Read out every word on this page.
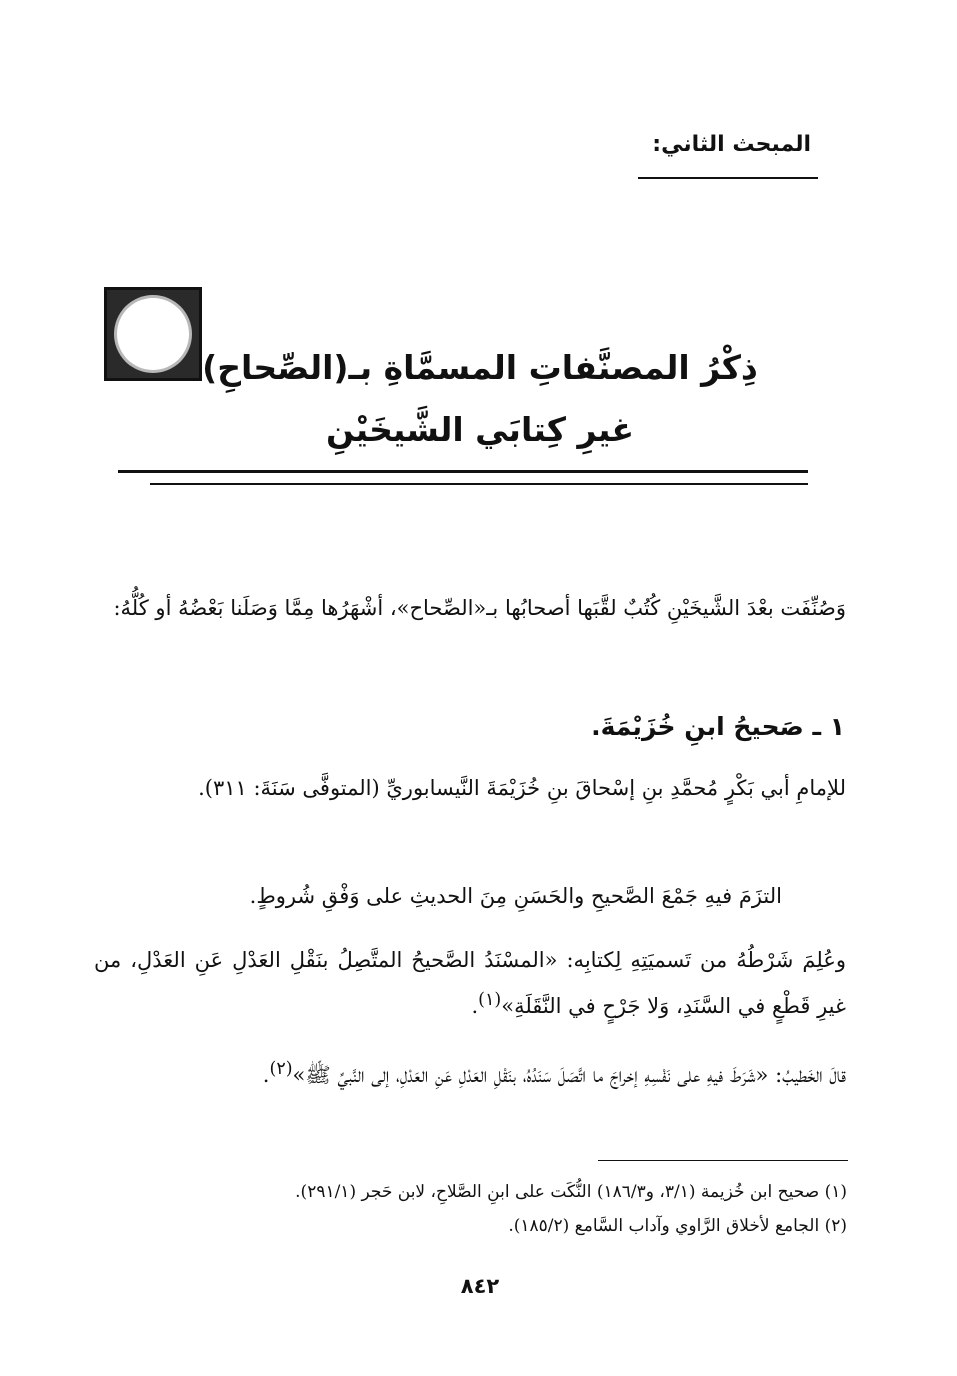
المبحث الثاني:
ذِكْرُ المصنَّفاتِ المسمَّاةِ بـ(الصِّحاحِ)
غيرِ كِتابَي الشَّيخَيْنِ
وَصُنِّفَت بعْدَ الشَّيخَيْنِ كُتُبٌ لقَّبَها أصحابُها بـ«الصِّحاح»، أشْهَرُها مِمَّا وَصَلَنا بَعْضُهُ أو كُلُّهُ:
١ ـ صَحيحُ ابنِ خُزَيْمَةَ.
للإمامِ أبي بَكْرٍ مُحمَّدِ بنِ إسْحاقَ بنِ خُزَيْمَةَ النَّيسابوريِّ (المتوفَّى سَنَةَ: ٣١١).
التزَمَ فيهِ جَمْعَ الصَّحيحِ والحَسَنِ مِنَ الحديثِ على وَفْقِ شُروطٍ.
وعُلِمَ شَرْطُهُ من تَسميَتِهِ لِكتابِه: «المسْنَدُ الصَّحيحُ المتَّصِلُ بنَقْلِ العَدْلِ عَنِ العَدْلِ، من غيرِ قَطْعٍ في السَّنَدِ، وَلا جَرْحٍ في النَّقَلَةِ»$^{(١)}$.
قالَ الخَطيبُ: «شَرَطَ فيهِ على نَفْسِهِ إخراجَ ما اتَّصَلَ سَنَدُهُ، بنَقْلِ العَدْلِ عَنِ العَدْلِ، إلى النَّبيِّ ﷺ»$^{(٢)}$.
(١) صحيح ابن خُزيمة (٣/١، و١٨٦/٣) النُّكَت على ابنِ الصَّلاحِ، لابن حَجر (٢٩١/١).
(٢) الجامع لأخلاق الرَّاوي وآداب السَّامع (١٨٥/٢).
٨٤٢
